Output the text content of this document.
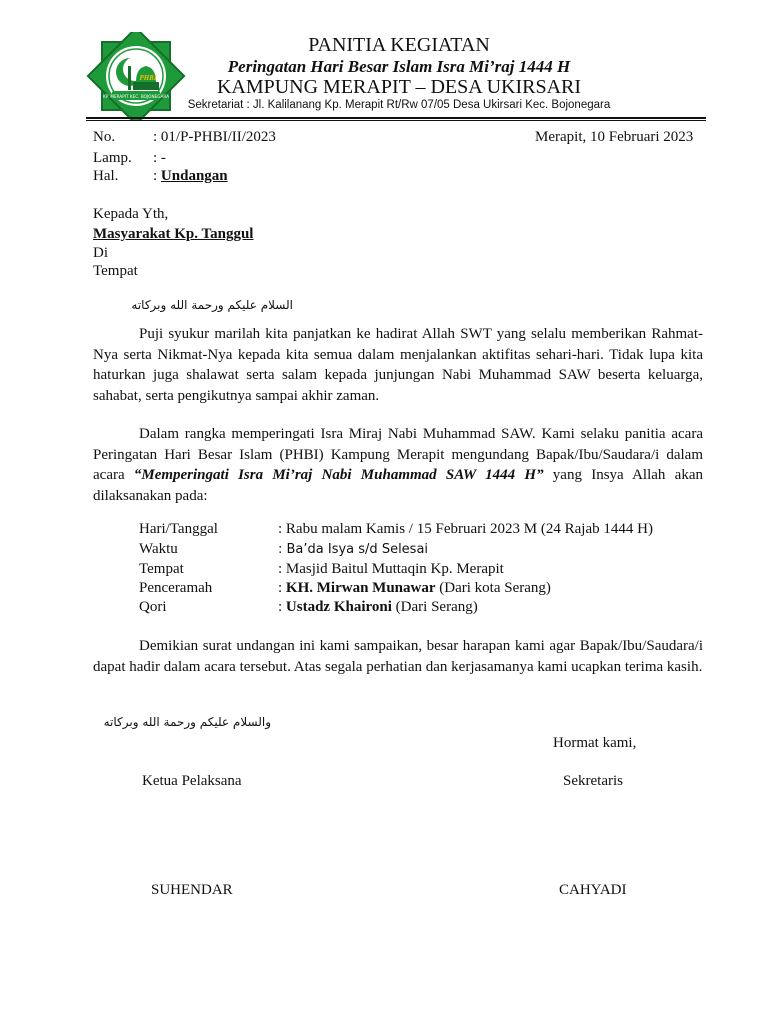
PHBI
KP. MERAPIT KEC. BOJONEGARA
PANITIA KEGIATAN
Peringatan Hari Besar Islam Isra Mi’raj 1444 H
KAMPUNG MERAPIT – DESA UKIRSARI
Sekretariat : Jl. Kalilanang Kp. Merapit Rt/Rw 07/05 Desa Ukirsari Kec. Bojonegara
No.	: 01/P-PHBI/II/2023	Merapit, 10 Februari 2023
Lamp.	: -
Hal.	: Undangan
Kepada Yth,
Masyarakat Kp. Tanggul
Di
Tempat
السلام عليكم ورحمة الله وبركاته
Puji syukur marilah kita panjatkan ke hadirat Allah SWT yang selalu memberikan Rahmat-Nya serta Nikmat-Nya kepada kita semua dalam menjalankan aktifitas sehari-hari. Tidak lupa kita haturkan juga shalawat serta salam kepada junjungan Nabi Muhammad SAW beserta keluarga, sahabat, serta pengikutnya sampai akhir zaman.
Dalam rangka memperingati Isra Miraj Nabi Muhammad SAW. Kami selaku panitia acara Peringatan Hari Besar Islam (PHBI) Kampung Merapit mengundang Bapak/Ibu/Saudara/i dalam acara “Memperingati Isra Mi’raj Nabi Muhammad SAW 1444 H” yang Insya Allah akan dilaksanakan pada:
Hari/Tanggal	: Rabu malam Kamis / 15 Februari 2023 M (24 Rajab 1444 H)
Waktu	: Ba’da Isya s/d Selesai
Tempat	: Masjid Baitul Muttaqin Kp. Merapit
Penceramah	: KH. Mirwan Munawar (Dari kota Serang)
Qori	: Ustadz Khaironi (Dari Serang)
Demikian surat undangan ini kami sampaikan, besar harapan kami agar Bapak/Ibu/Saudara/i dapat hadir dalam acara tersebut. Atas segala perhatian dan kerjasamanya kami ucapkan terima kasih.
والسلام عليكم ورحمة الله وبركاته
Hormat kami,
Ketua Pelaksana	Sekretaris
SUHENDAR	CAHYADI
